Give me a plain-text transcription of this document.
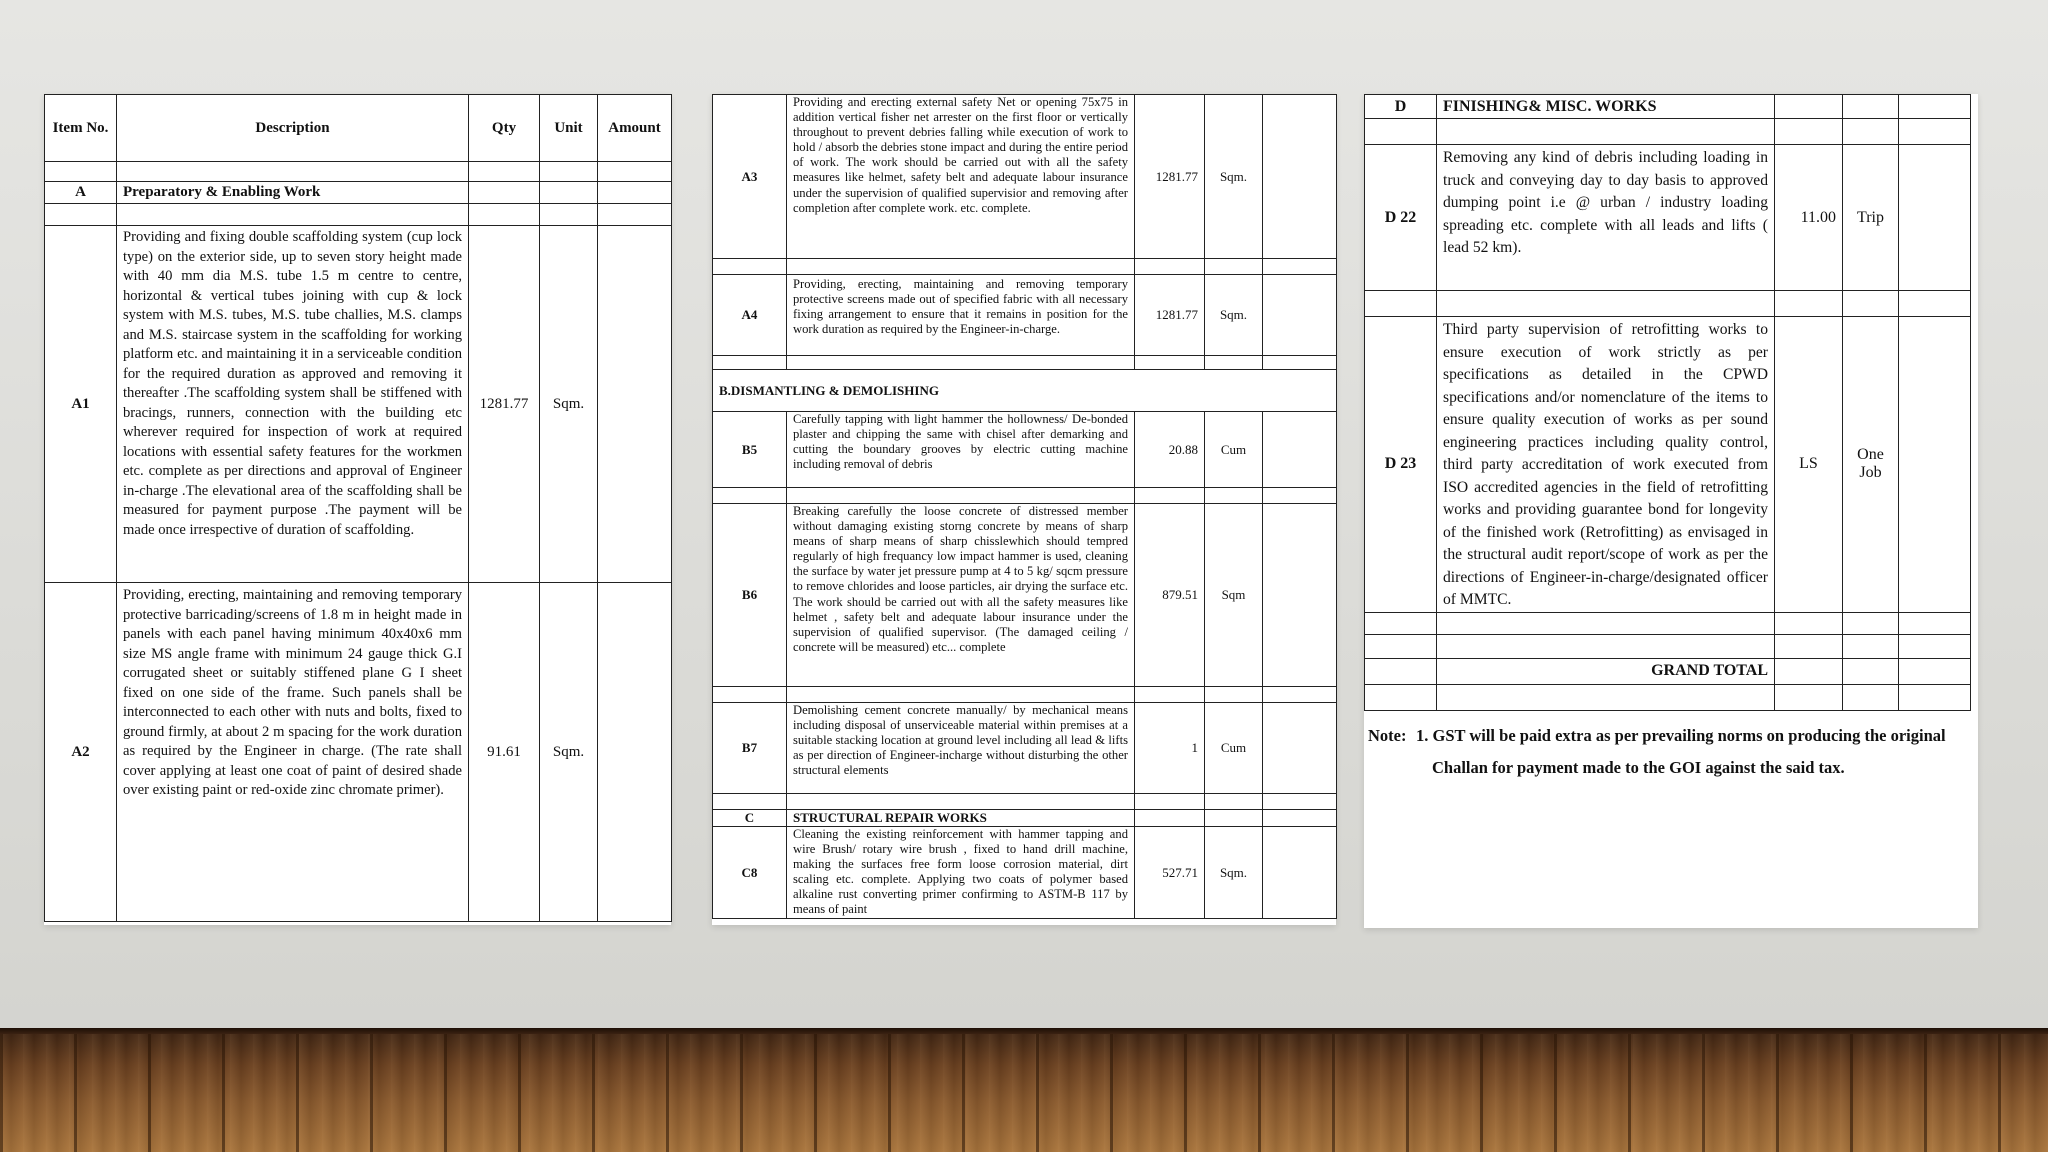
Item No.	Description	Qty	Unit	Amount

A	Preparatory & Enabling Work			

A1	Providing and fixing double scaffolding system (cup lock type) on the exterior side, up to seven story height made with 40 mm dia M.S. tube 1.5 m centre to centre, horizontal & vertical tubes joining with cup & lock system with M.S. tubes, M.S. tube challies, M.S. clamps and M.S. staircase system in the scaffolding for working platform etc. and maintaining it in a serviceable condition for the required duration as approved and removing it thereafter .The scaffolding system shall be stiffened with bracings, runners, connection with the building etc wherever required for inspection of work at required locations with essential safety features for the workmen etc. complete as per directions and approval of Engineer in-charge .The elevational area of the scaffolding shall be measured for payment purpose .The payment will be made once irrespective of duration of scaffolding.	1281.77	Sqm.	
A2	Providing, erecting, maintaining and removing temporary protective barricading/screens of 1.8 m in height made in panels with each panel having minimum 40x40x6 mm size MS angle frame with minimum 24 gauge thick G.I corrugated sheet or suitably stiffened plane G I sheet fixed on one side of the frame. Such panels shall be interconnected to each other with nuts and bolts, fixed to ground firmly, at about 2 m spacing for the work duration as required by the Engineer in charge. (The rate shall cover applying at least one coat of paint of desired shade over existing paint or red-oxide zinc chromate primer).	91.61	Sqm.	
A3	Providing and erecting external safety Net or opening 75x75 in addition vertical fisher net arrester on the first floor or vertically throughout to prevent debries falling while execution of work to hold / absorb the debries stone impact and during the entire period of work. The work should be carried out with all the safety measures like helmet, safety belt and adequate labour insurance under the supervision of qualified supervisior and removing after completion after complete work. etc. complete.	1281.77	Sqm.	

A4	Providing, erecting, maintaining and removing temporary protective screens made out of specified fabric with all necessary fixing arrangement to ensure that it remains in position for the work duration as required by the Engineer-in-charge.	1281.77	Sqm.	

B.DISMANTLING & DEMOLISHING				
B5	Carefully tapping with light hammer the hollowness/ De-bonded plaster and chipping the same with chisel after demarking and cutting the boundary grooves by electric cutting machine including removal of debris	20.88	Cum	

B6	Breaking carefully the loose concrete of distressed member without damaging existing storng concrete by means of sharp means of sharp means of sharp chisslewhich should tempred regularly of high frequancy low impact hammer is used, cleaning the surface by water jet pressure pump at 4 to 5 kg/ sqcm pressure to remove chlorides and loose particles, air drying the surface etc. The work should be carried out with all the safety measures like helmet , safety belt and adequate labour insurance under the supervision of qualified supervisor. (The damaged ceiling / concrete will be measured) etc... complete	879.51	Sqm	

B7	Demolishing cement concrete manually/ by mechanical means including disposal of unserviceable material within premises at a suitable stacking location at ground level including all lead & lifts as per direction of Engineer-incharge without disturbing the other structural elements	1	Cum	

C	STRUCTURAL REPAIR WORKS			
C8	Cleaning the existing reinforcement with hammer tapping and wire Brush/ rotary wire brush , fixed to hand drill machine, making the surfaces free form loose corrosion material, dirt scaling etc. complete. Applying two coats of polymer based alkaline rust converting primer confirming to ASTM-B 117 by means of paint	527.71	Sqm.	
D	FINISHING& MISC. WORKS			

D 22	Removing any kind of debris including loading in truck and conveying day to day basis to approved dumping point i.e @ urban / industry loading spreading etc. complete with all leads and lifts ( lead 52 km).	11.00	Trip	

D 23	Third party supervision of retrofitting works to ensure execution of work strictly as per specifications as detailed in the CPWD specifications and/or nomenclature of the items to ensure quality execution of works as per sound engineering practices including quality control, third party accreditation of work executed from ISO accredited agencies in the field of retrofitting works and providing guarantee bond for longevity of the finished work (Retrofitting) as envisaged in the structural audit report/scope of work as per the directions of Engineer-in-charge/designated officer of MMTC.	LS	One Job	

	GRAND TOTAL			

Note: 1. GST will be paid extra as per prevailing norms on producing the original
Challan for payment made to the GOI against the said tax.
